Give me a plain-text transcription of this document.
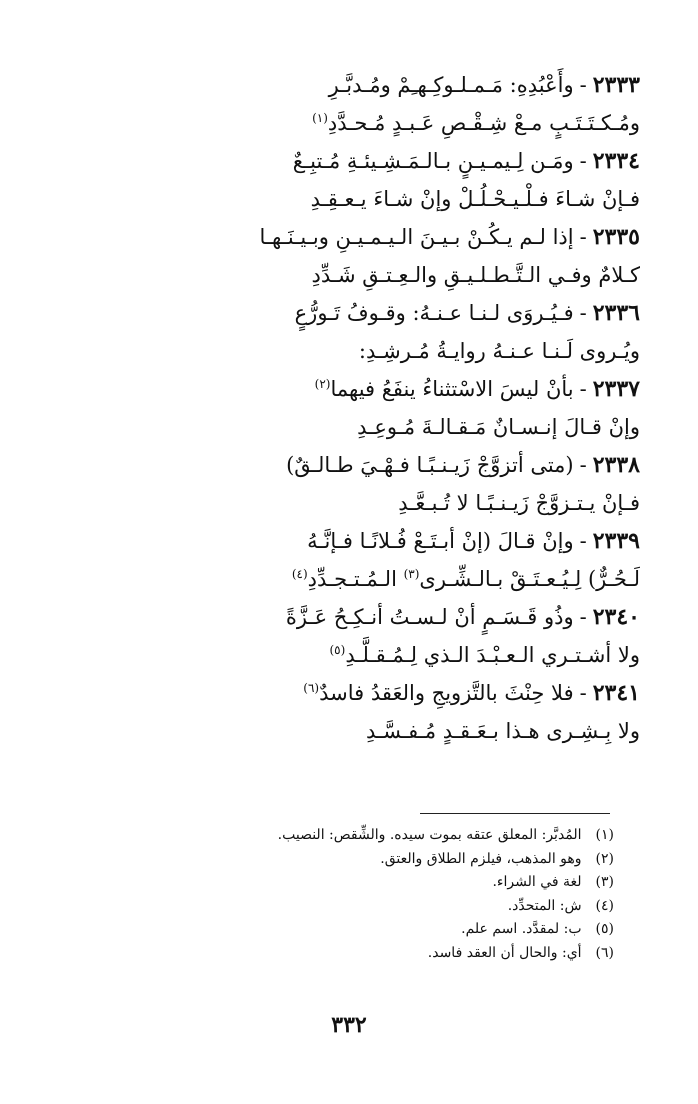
٢٣٣٣-وأَعْبُدِهِ: مَـمـلـوكِـهـِمْ ومُـدبَّـرِ
ومُـكـتَـتَـبٍ مـعْ شِـقْـصِ عَـبـدٍ مُـحـدَّدِ$^{(١)}$
٢٣٣٤-ومَـن لِـيمـيـنٍ بـالـمَـشِـيئـةِ مُـتبِـعٌ
فـإنْ شـاءَ فـلْـيـحْـلُـلْ وإنْ شـاءَ يـعـقِـدِ
٢٣٣٥-إذا لـم يـكُـنْ بـيـنَ الـيـمـيـنِ وبـيـنَـهـا
كـلامٌ وفـي الـتَّـطـلـيـقِ والـعِـتـقِ شَـدِّدِ
٢٣٣٦-فـيُـروَى لـنـا عـنـهُ: وقـوفُ تَـورُّعٍ
ويُـروى لَـنـا عـنـهُ روايـةُ مُـرشِـدِ:
٢٣٣٧-بأنْ ليسَ الاسْتثناءُ ينفَعُ فيهما$^{(٢)}$
وإنْ قـالَ إنـسـانٌ مَـقـالـةَ مُـوعِـدِ
٢٣٣٨-(متى أتزوَّجْ زَيـنـبًـا فـهْـيَ طـالـقٌ)
فـإنْ يـتـزوَّجْ زَيـنـبًـا لا تُـبـعَّـدِ
٢٣٣٩-وإنْ قـالَ (إنْ أبـتَـعْ فُـلانًـا فـإنَّـهُ
لَـحُـرٌّ) لِـيُـعـتَـقْ بـالـشِّـرى$^{(٣)}$ الـمُـتـجـدِّدِ$^{(٤)}$
٢٣٤٠-وذُو قَـسَـمٍ أنْ لـسـتُ أنـكِـحُ عَـزَّةً
ولا أشـتـري الـعـبْـدَ الـذي لِـمُـقـلَّـدِ$^{(٥)}$
٢٣٤١-فلا حِنْثَ بالتَّزويجِ والعَقدُ فاسدٌ$^{(٦)}$
ولا بِـشِـرى هـذا بـعَـقـدٍ مُـفـسَّـدِ
(١) المُدبَّر: المعلق عتقه بموت سيده. والشِّقص: النصيب.
(٢) وهو المذهب، فيلزم الطلاق والعتق.
(٣) لغة في الشراء.
(٤) ش: المتحدِّد.
(٥) ب: لمقدَّد. اسم علم.
(٦) أي: والحال أن العقد فاسد.
٣٣٢
